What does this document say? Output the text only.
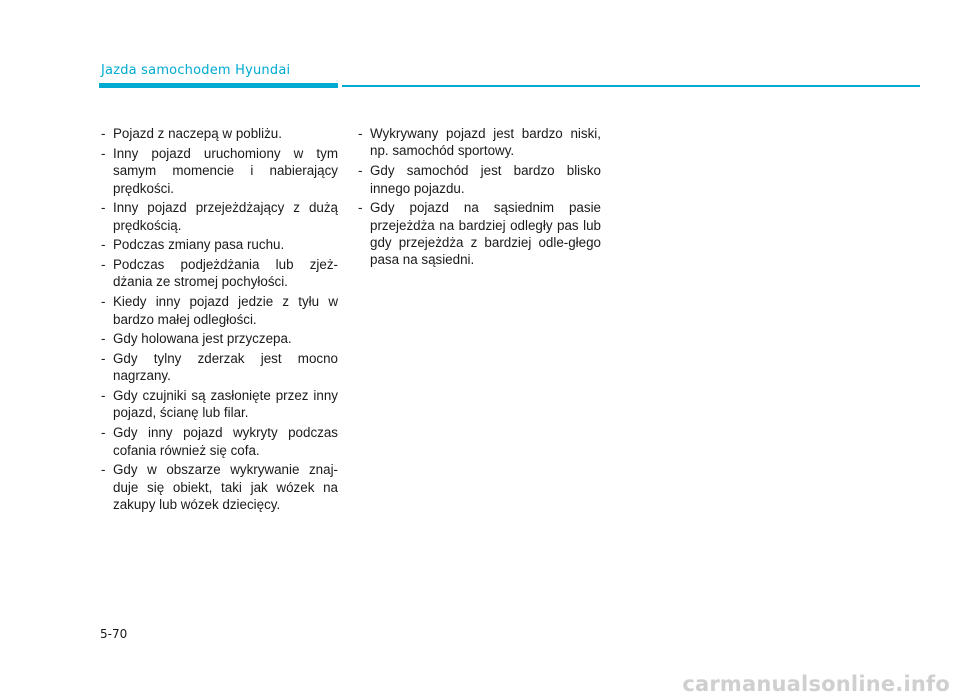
Jazda samochodem Hyundai
- Pojazd z naczepą w pobliżu.
- Inny pojazd uruchomiony w tym samym momencie i nabierający prędkości.
- Inny pojazd przejeżdżający z dużą prędkością.
- Podczas zmiany pasa ruchu.
- Podczas podjeżdżania lub zjeż-dżania ze stromej pochyłości.
- Kiedy inny pojazd jedzie z tyłu w bardzo małej odległości.
- Gdy holowana jest przyczepa.
- Gdy tylny zderzak jest mocno nagrzany.
- Gdy czujniki są zasłonięte przez inny pojazd, ścianę lub filar.
- Gdy inny pojazd wykryty podczas cofania również się cofa.
- Gdy w obszarze wykrywanie znaj-duje się obiekt, taki jak wózek na zakupy lub wózek dziecięcy.
- Wykrywany pojazd jest bardzo niski, np. samochód sportowy.
- Gdy samochód jest bardzo blisko innego pojazdu.
- Gdy pojazd na sąsiednim pasie przejeżdża na bardziej odległy pas lub gdy przejeżdża z bardziej odle-głego pasa na sąsiedni.
5-70
carmanualsonline.info
